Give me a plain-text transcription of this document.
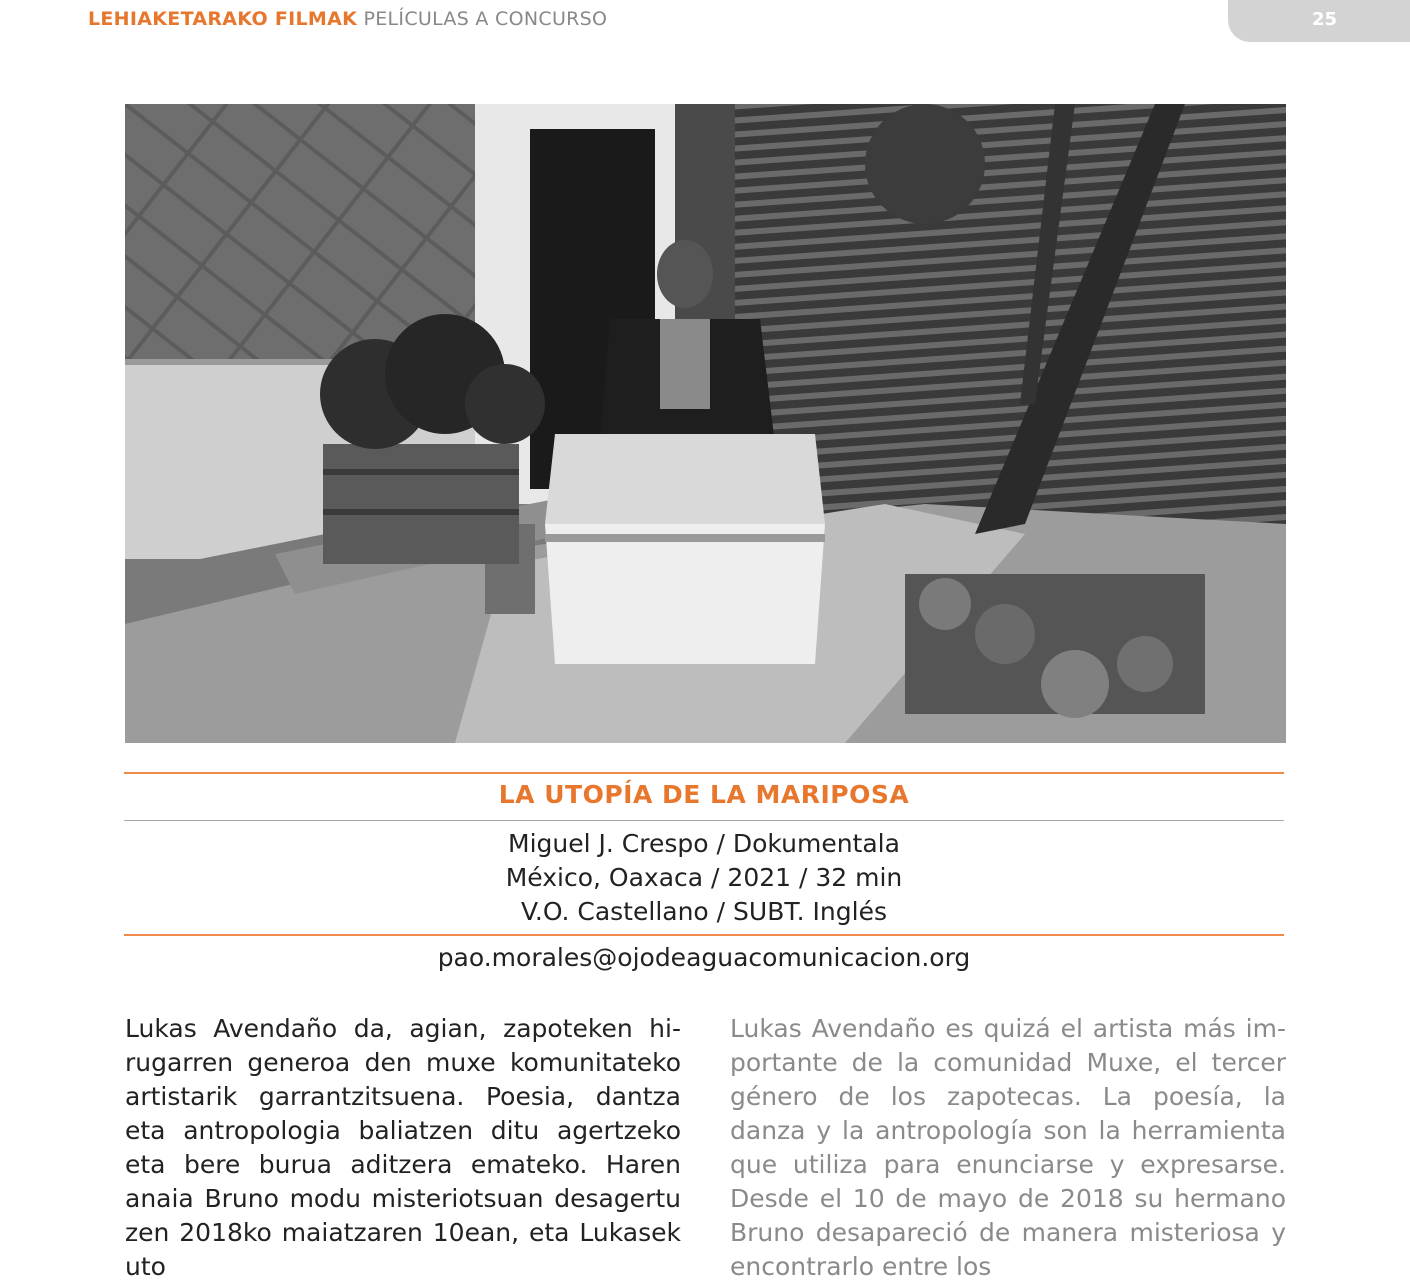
LEHIAKETARAKO FILMAK PELÍCULAS A CONCURSO	25
LA UTOPÍA DE LA MARIPOSA
Miguel J. Crespo / Dokumentala
México, Oaxaca / 2021 / 32 min
V.O. Castellano / SUBT. Inglés
pao.morales@ojodeaguacomunicacion.org
Lukas Avendaño da, agian, zapoteken hirugarren generoa den muxe komunitateko artistarik garrantzitsuena. Poesia, dantza eta antropologia baliatzen ditu agertzeko eta bere burua aditzera emateko. Haren anaia Bruno modu misteriotsuan desagertu zen 2018ko maiatzaren 10ean, eta Lukasek uto
Lukas Avendaño es quizá el artista más importante de la comunidad Muxe, el tercer género de los zapotecas. La poesía, la danza y la antropología son la herramienta que utiliza para enunciarse y expresarse. Desde el 10 de mayo de 2018 su hermano Bruno desapareció de manera misteriosa y encontrarlo entre los
